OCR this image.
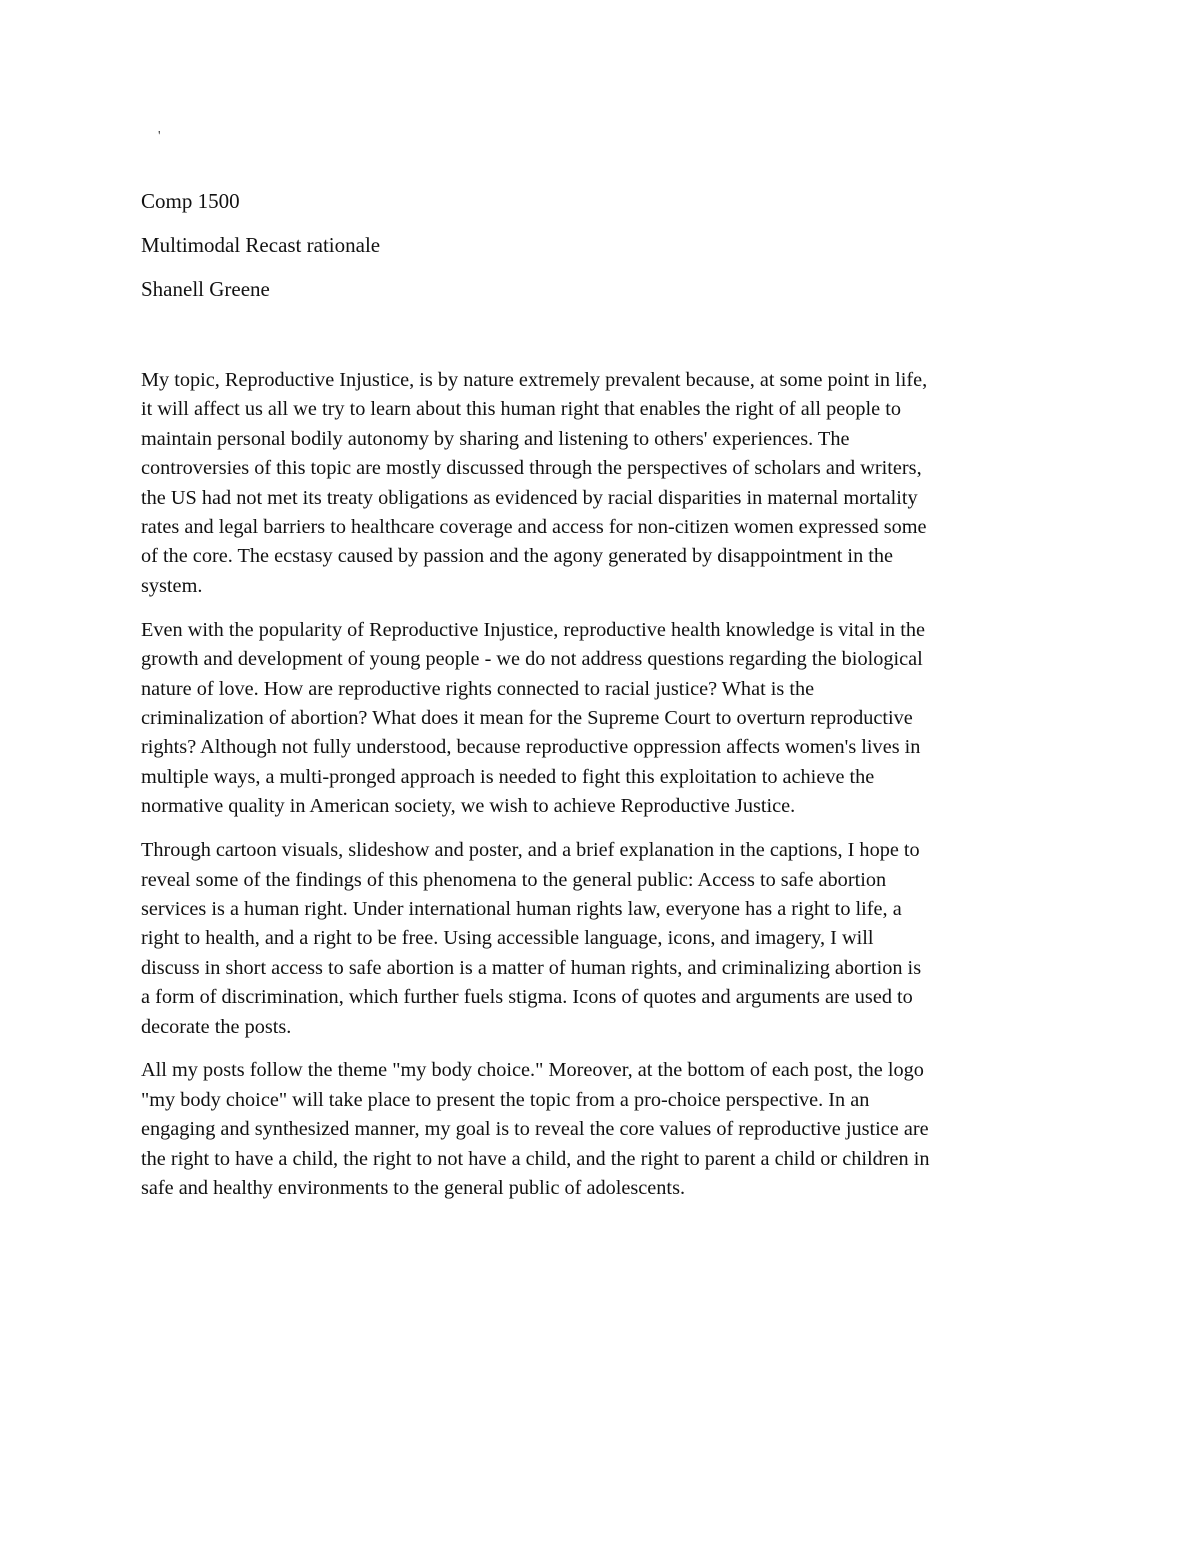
'
Comp 1500
Multimodal Recast rationale
Shanell Greene

My topic, Reproductive Injustice, is by nature extremely prevalent because, at some point in life,
it will affect us all we try to learn about this human right that enables the right of all people to
maintain personal bodily autonomy by sharing and listening to others' experiences. The
controversies of this topic are mostly discussed through the perspectives of scholars and writers,
the US had not met its treaty obligations as evidenced by racial disparities in maternal mortality
rates and legal barriers to healthcare coverage and access for non-citizen women expressed some
of the core. The ecstasy caused by passion and the agony generated by disappointment in the
system.

Even with the popularity of Reproductive Injustice, reproductive health knowledge is vital in the
growth and development of young people - we do not address questions regarding the biological
nature of love. How are reproductive rights connected to racial justice? What is the
criminalization of abortion? What does it mean for the Supreme Court to overturn reproductive
rights? Although not fully understood, because reproductive oppression affects women's lives in
multiple ways, a multi-pronged approach is needed to fight this exploitation to achieve the
normative quality in American society, we wish to achieve Reproductive Justice.

Through cartoon visuals, slideshow and poster, and a brief explanation in the captions, I hope to
reveal some of the findings of this phenomena to the general public: Access to safe abortion
services is a human right. Under international human rights law, everyone has a right to life, a
right to health, and a right to be free. Using accessible language, icons, and imagery, I will
discuss in short access to safe abortion is a matter of human rights, and criminalizing abortion is
a form of discrimination, which further fuels stigma. Icons of quotes and arguments are used to
decorate the posts.

All my posts follow the theme "my body choice." Moreover, at the bottom of each post, the logo
"my body choice" will take place to present the topic from a pro-choice perspective. In an
engaging and synthesized manner, my goal is to reveal the core values of reproductive justice are
the right to have a child, the right to not have a child, and the right to parent a child or children in
safe and healthy environments to the general public of adolescents.
